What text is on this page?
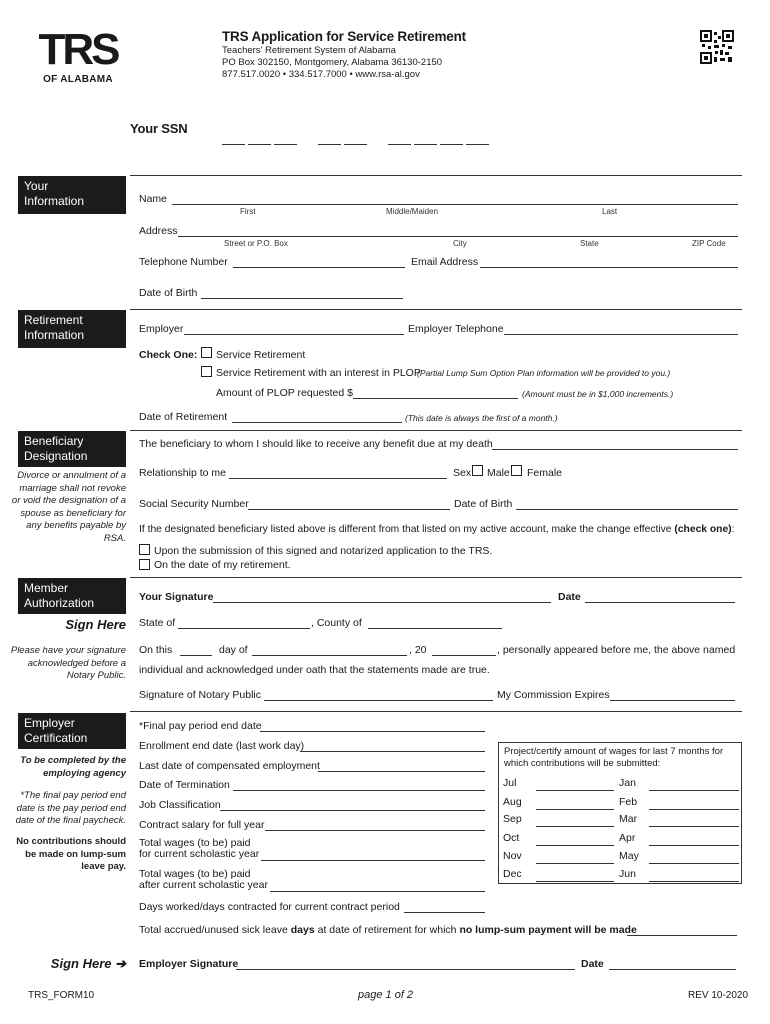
TRS
OF ALABAMA
TRS Application for Service Retirement
Teachers' Retirement System of Alabama
PO Box 302150, Montgomery, Alabama 36130-2150
877.517.0020 • 334.517.7000 • www.rsa-al.gov
Your SSN
Your
Information	Name
First	Middle/Maiden	Last
Address
Street or P.O. Box	City	State	ZIP Code
Telephone Number	Email Address
Date of Birth
Retirement
Information	Employer	Employer Telephone
Check One: Service Retirement
Service Retirement with an interest in PLOP
(Partial Lump Sum Option Plan information will be provided to you.)
Amount of PLOP requested $	(Amount must be in $1,000 increments.)
Date of Retirement	(This date is always the first of a month.)
Beneficiary
Designation
Divorce or annulment of a marriage shall not revoke or void the designation of a spouse as beneficiary for any benefits payable by RSA.
The beneficiary to whom I should like to receive any benefit due at my death
Relationship to me	Sex Male Female
Social Security Number	Date of Birth
If the designated beneficiary listed above is different from that listed on my active account, make the change effective (check one):
Upon the submission of this signed and notarized application to the TRS.
On the date of my retirement.
Member
Authorization
Sign Here
Your Signature	Date
State of	, County of
Please have your signature acknowledged before a Notary Public.
On this	day of	, 20	, personally appeared before me, the above named
individual and acknowledged under oath that the statements made are true.
Signature of Notary Public	My Commission Expires
Employer
Certification
To be completed by the employing agency
*The final pay period end date is the pay period end date of the final paycheck.
No contributions should be made on lump-sum leave pay.
*Final pay period end date
Enrollment end date (last work day)
Last date of compensated employment
Date of Termination
Job Classification
Contract salary for full year
Total wages (to be) paid
for current scholastic year
Total wages (to be) paid
after current scholastic year
Project/certify amount of wages for last 7 months for which contributions will be submitted:
Jul	Jan
Aug	Feb
Sep	Mar
Oct	Apr
Nov	May
Dec	Jun
Days worked/days contracted for current contract period
Total accrued/unused sick leave days at date of retirement for which no lump-sum payment will be made
Sign Here ➔ Employer Signature	Date
TRS_FORM10	page 1 of 2	REV 10-2020
